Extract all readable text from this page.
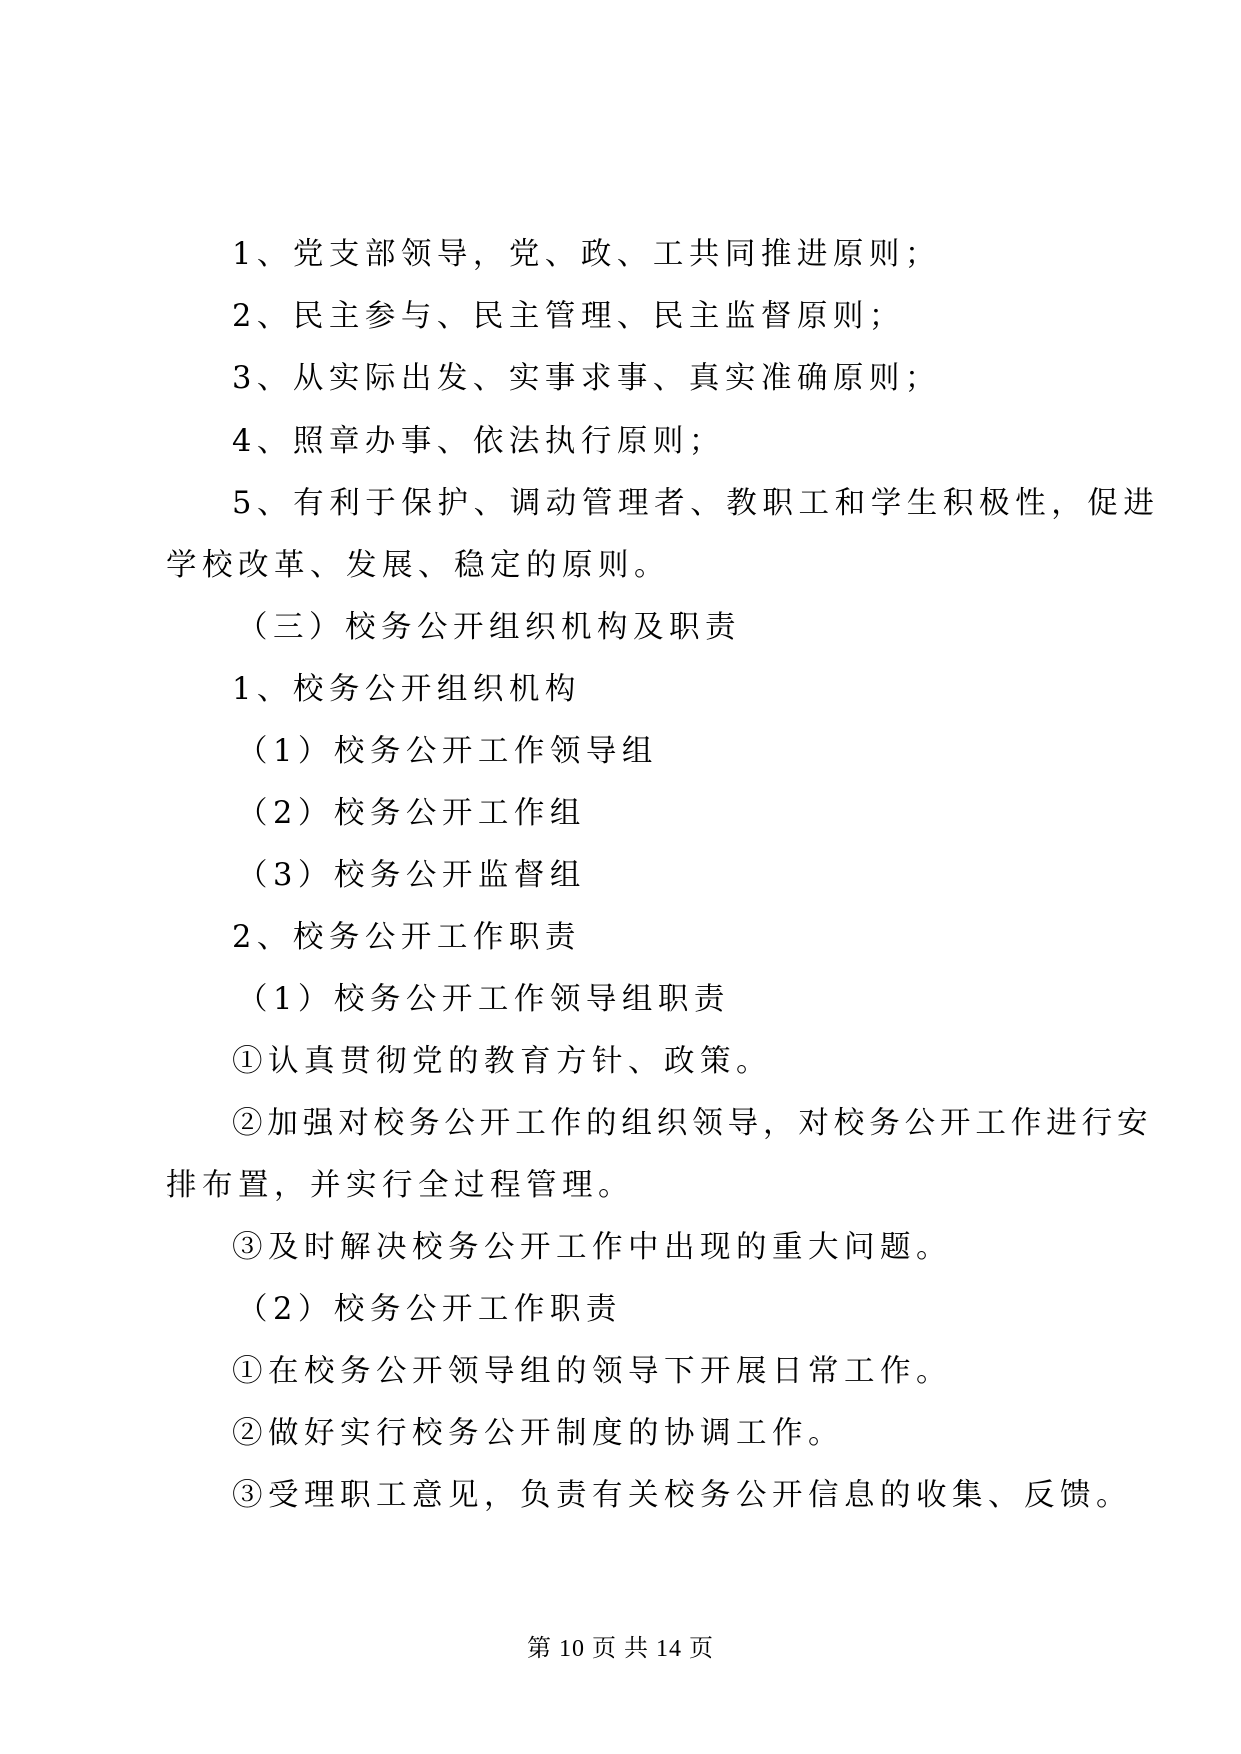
1、党支部领导，党、政、工共同推进原则；
2、民主参与、民主管理、民主监督原则；
3、从实际出发、实事求事、真实准确原则；
4、照章办事、依法执行原则；
5、有利于保护、调动管理者、教职工和学生积极性，促进
学校改革、发展、稳定的原则。
（三）校务公开组织机构及职责
1、校务公开组织机构
（1）校务公开工作领导组
（2）校务公开工作组
（3）校务公开监督组
2、校务公开工作职责
（1）校务公开工作领导组职责
①认真贯彻党的教育方针、政策。
②加强对校务公开工作的组织领导，对校务公开工作进行安
排布置，并实行全过程管理。
③及时解决校务公开工作中出现的重大问题。
（2）校务公开工作职责
①在校务公开领导组的领导下开展日常工作。
②做好实行校务公开制度的协调工作。
③受理职工意见，负责有关校务公开信息的收集、反馈。
第 10 页 共 14 页
